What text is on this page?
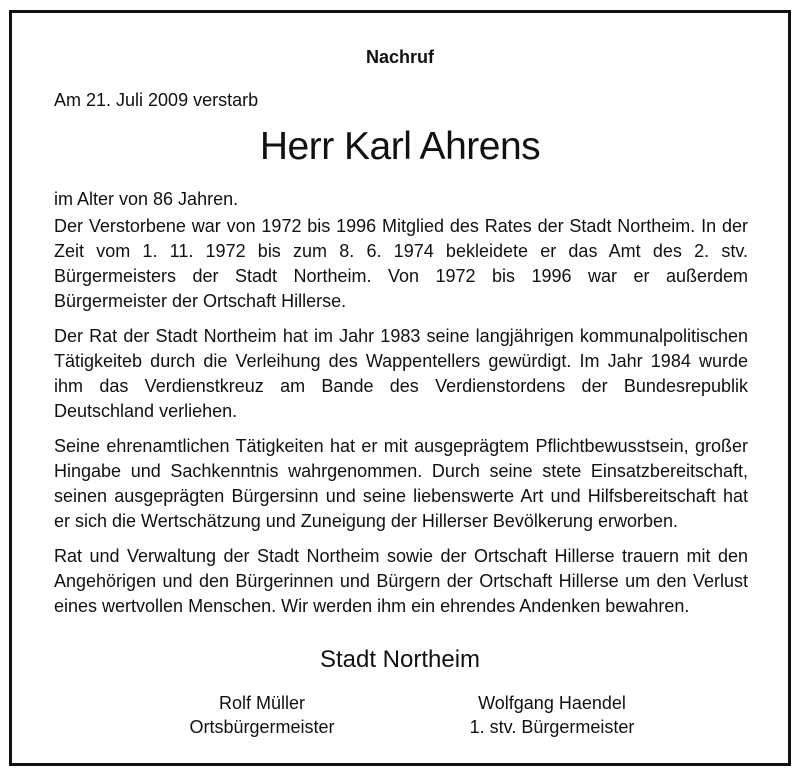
Nachruf
Am 21. Juli 2009 verstarb
Herr Karl Ahrens
im Alter von 86 Jahren.

Der Verstorbene war von 1972 bis 1996 Mitglied des Rates der Stadt Northeim. In der Zeit vom 1. 11. 1972 bis zum 8. 6. 1974 bekleidete er das Amt des 2. stv. Bürgermeisters der Stadt Northeim. Von 1972 bis 1996 war er außerdem Bürgermeister der Ortschaft Hillerse.

Der Rat der Stadt Northeim hat im Jahr 1983 seine langjährigen kommunalpolitischen Tätigkeiteb durch die Verleihung des Wappentellers gewürdigt. Im Jahr 1984 wurde ihm das Verdienstkreuz am Bande des Verdienstordens der Bundesrepublik Deutschland verliehen.

Seine ehrenamtlichen Tätigkeiten hat er mit ausgeprägtem Pflichtbewusstsein, großer Hingabe und Sachkenntnis wahrgenommen. Durch seine stete Einsatzbereitschaft, seinen ausgeprägten Bürgersinn und seine liebenswerte Art und Hilfsbereitschaft hat er sich die Wertschätzung und Zuneigung der Hillerser Bevölkerung erworben.

Rat und Verwaltung der Stadt Northeim sowie der Ortschaft Hillerse trauern mit den Angehörigen und den Bürgerinnen und Bürgern der Ortschaft Hillerse um den Verlust eines wertvollen Menschen. Wir werden ihm ein ehrendes Andenken bewahren.

Stadt Northeim
Rolf Müller
Ortsbürgermeister
Wolfgang Haendel
1. stv. Bürgermeister
